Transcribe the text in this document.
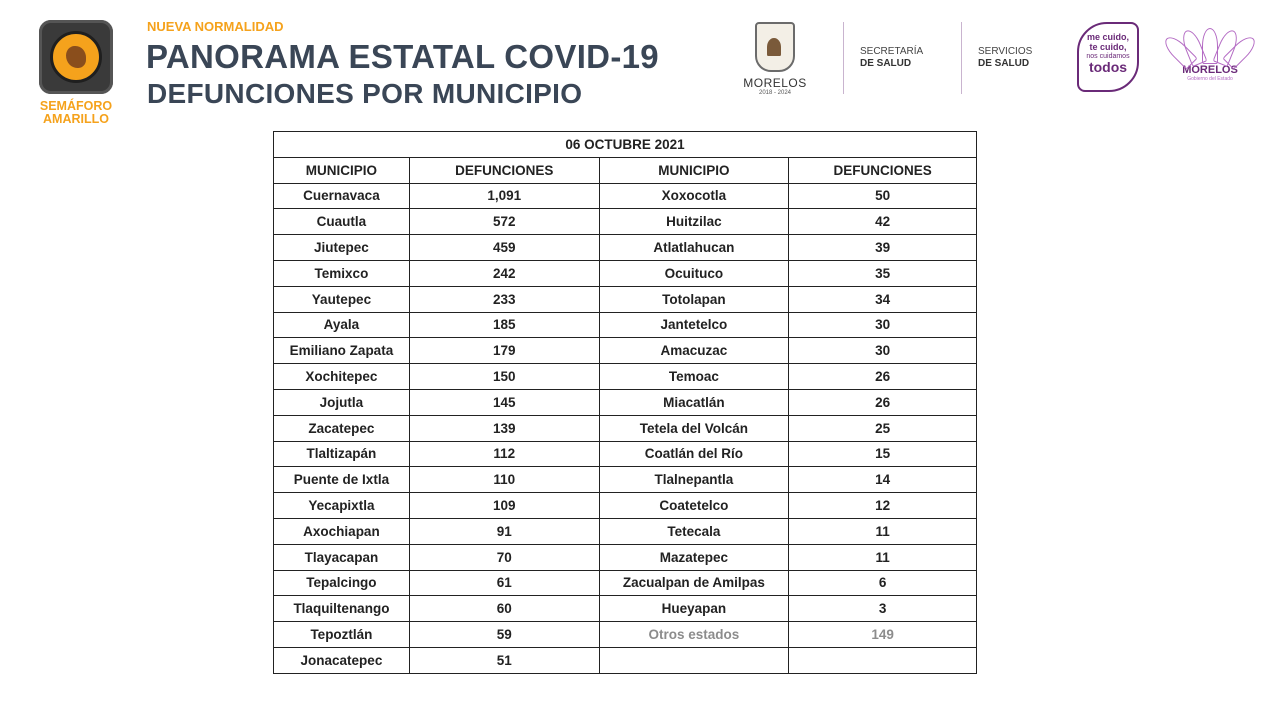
SEMÁFORO
AMARILLO
NUEVA NORMALIDAD
PANORAMA ESTATAL COVID-19
DEFUNCIONES POR MUNICIPIO	MORELOS
2018 - 2024
SECRETARÍA
DE SALUD
SERVICIOS
DE SALUD
me cuido,
te cuido,
nos cuidamos
todos	MORELOS
Gobierno del Estado
06 OCTUBRE 2021			
MUNICIPIO	DEFUNCIONES	MUNICIPIO	DEFUNCIONES
Cuernavaca	1,091	Xoxocotla	50
Cuautla	572	Huitzilac	42
Jiutepec	459	Atlatlahucan	39
Temixco	242	Ocuituco	35
Yautepec	233	Totolapan	34
Ayala	185	Jantetelco	30
Emiliano Zapata	179	Amacuzac	30
Xochitepec	150	Temoac	26
Jojutla	145	Miacatlán	26
Zacatepec	139	Tetela del Volcán	25
Tlaltizapán	112	Coatlán del Río	15
Puente de Ixtla	110	Tlalnepantla	14
Yecapixtla	109	Coatetelco	12
Axochiapan	91	Tetecala	11
Tlayacapan	70	Mazatepec	11
Tepalcingo	61	Zacualpan de Amilpas	6
Tlaquiltenango	60	Hueyapan	3
Tepoztlán	59	Otros estados	149
Jonacatepec	51		
